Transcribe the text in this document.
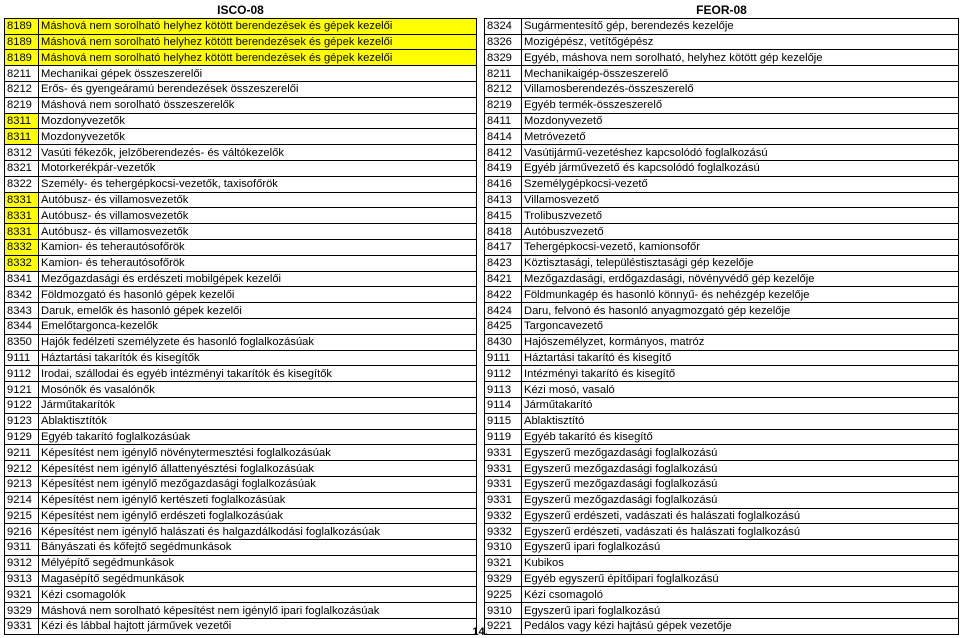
ISCO-08			FEOR-08	
8189	Máshová nem sorolható helyhez kötött berendezések és gépek kezelői		8324	Sugármentesítő gép, berendezés kezelője
8189	Máshová nem sorolható helyhez kötött berendezések és gépek kezelői		8326	Mozigépész, vetítőgépész
8189	Máshová nem sorolható helyhez kötött berendezések és gépek kezelői		8329	Egyéb, máshova nem sorolható, helyhez kötött gép kezelője
8211	Mechanikai gépek összeszerelői		8211	Mechanikaigép-összeszerelő
8212	Erős- és gyengeáramú berendezések összeszerelői		8212	Villamosberendezés-összeszerelő
8219	Máshová nem sorolható összeszerelők		8219	Egyéb termék-összeszerelő
8311	Mozdonyvezetők		8411	Mozdonyvezető
8311	Mozdonyvezetők		8414	Metróvezető
8312	Vasúti fékezők, jelzőberendezés- és váltókezelők		8412	Vasútijármű-vezetéshez kapcsolódó foglalkozású
8321	Motorkerékpár-vezetők		8419	Egyéb járművezető és kapcsolódó foglalkozású
8322	Személy- és tehergépkocsi-vezetők, taxisofőrök		8416	Személygépkocsi-vezető
8331	Autóbusz- és villamosvezetők		8413	Villamosvezető
8331	Autóbusz- és villamosvezetők		8415	Trolibuszvezető
8331	Autóbusz- és villamosvezetők		8418	Autóbuszvezető
8332	Kamion- és teherautósofőrök		8417	Tehergépkocsi-vezető, kamionsofőr
8332	Kamion- és teherautósofőrök		8423	Köztisztasági, településtisztasági gép kezelője
8341	Mezőgazdasági és erdészeti mobilgépek kezelői		8421	Mezőgazdasági, erdőgazdasági, növényvédő gép kezelője
8342	Földmozgató és hasonló gépek kezelői		8422	Földmunkagép és hasonló könnyű- és nehézgép kezelője
8343	Daruk, emelők és hasonló gépek kezelői		8424	Daru, felvonó és hasonló anyagmozgató gép kezelője
8344	Emelőtargonca-kezelők		8425	Targoncavezető
8350	Hajók fedélzeti személyzete és hasonló foglalkozásúak		8430	Hajószemélyzet, kormányos, matróz
9111	Háztartási takarítók és kisegítők		9111	Háztartási takarító és kisegítő
9112	Irodai, szállodai és egyéb intézményi takarítók és kisegítők		9112	Intézményi takarító és kisegítő
9121	Mosónők és vasalónők		9113	Kézi mosó, vasaló
9122	Járműtakarítók		9114	Járműtakarító
9123	Ablaktisztítók		9115	Ablaktisztító
9129	Egyéb takarító foglalkozásúak		9119	Egyéb takarító és kisegítő
9211	Képesítést nem igénylő növénytermesztési foglalkozásúak		9331	Egyszerű mezőgazdasági foglalkozású
9212	Képesítést nem igénylő állattenyésztési foglalkozásúak		9331	Egyszerű mezőgazdasági foglalkozású
9213	Képesítést nem igénylő mezőgazdasági foglalkozásúak		9331	Egyszerű mezőgazdasági foglalkozású
9214	Képesítést nem igénylő kertészeti foglalkozásúak		9331	Egyszerű mezőgazdasági foglalkozású
9215	Képesítést nem igénylő erdészeti foglalkozásúak		9332	Egyszerű erdészeti, vadászati és halászati foglalkozású
9216	Képesítést nem igénylő halászati és halgazdálkodási foglalkozásúak		9332	Egyszerű erdészeti, vadászati és halászati foglalkozású
9311	Bányászati és kőfejtő segédmunkások		9310	Egyszerű ipari foglalkozású
9312	Mélyépítő segédmunkások		9321	Kubikos
9313	Magasépítő segédmunkások		9329	Egyéb egyszerű építőipari foglalkozású
9321	Kézi csomagolók		9225	Kézi csomagoló
9329	Máshová nem sorolható képesítést nem igénylő ipari foglalkozásúak		9310	Egyszerű ipari foglalkozású
9331	Kézi és lábbal hajtott járművek vezetői		9221	Pedálos vagy kézi hajtású gépek vezetője
14.
